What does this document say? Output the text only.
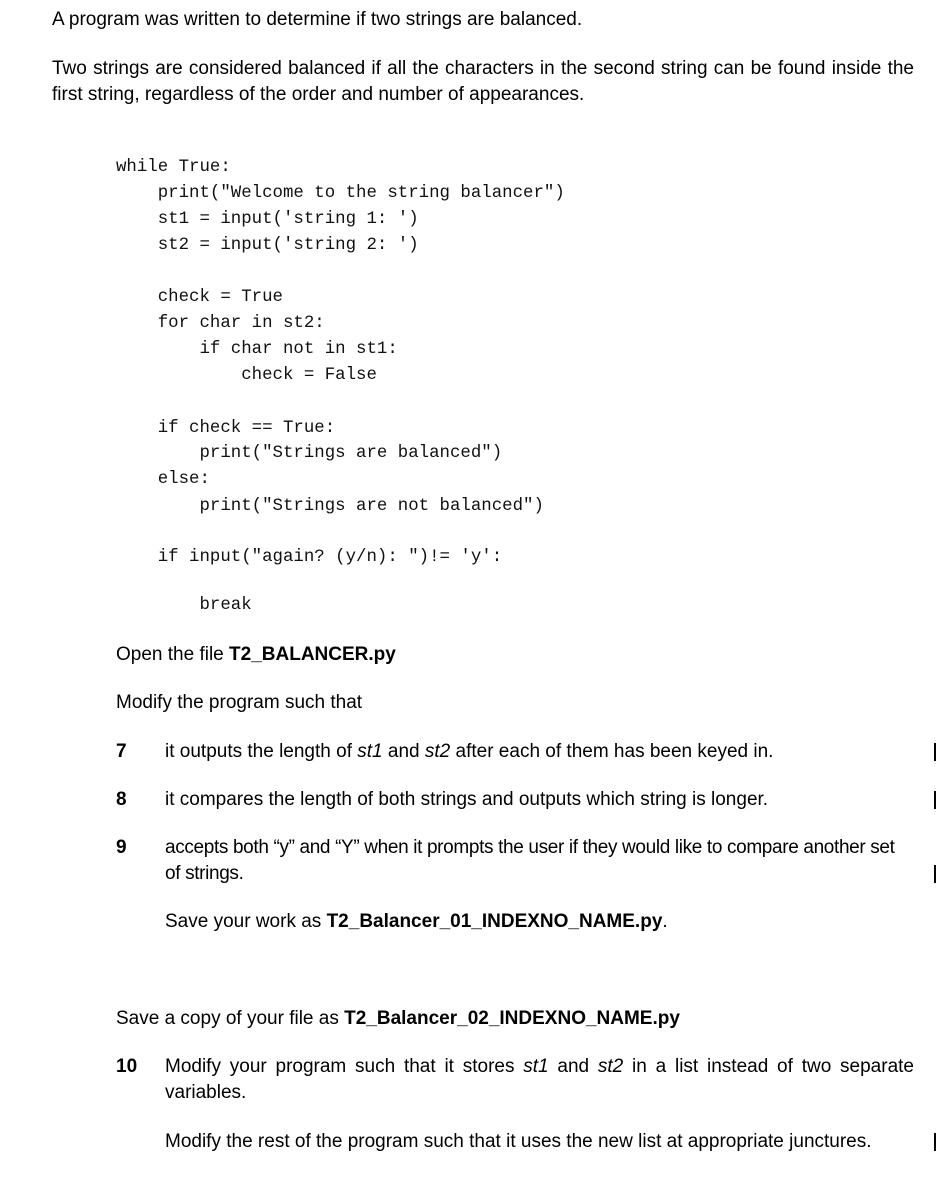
A program was written to determine if two strings are balanced.
Two strings are considered balanced if all the characters in the second string can be found inside the first string, regardless of the order and number of appearances.
while True:
print("Welcome to the string balancer")
st1 = input('string 1: ')
st2 = input('string 2: ')
check = True
for char in st2:
if char not in st1:
check = False
if check == True:
print("Strings are balanced")
else:
print("Strings are not balanced")
if input("again? (y/n): ")!= 'y':
break
Open the file T2_BALANCER.py
Modify the program such that
7 it outputs the length of st1 and st2 after each of them has been keyed in.
8 it compares the length of both strings and outputs which string is longer.
9 accepts both “y” and “Y” when it prompts the user if they would like to compare another set of strings.
Save your work as T2_Balancer_01_INDEXNO_NAME.py.
Save a copy of your file as T2_Balancer_02_INDEXNO_NAME.py
10 Modify your program such that it stores st1 and st2 in a list instead of two separate variables.
Modify the rest of the program such that it uses the new list at appropriate junctures.
